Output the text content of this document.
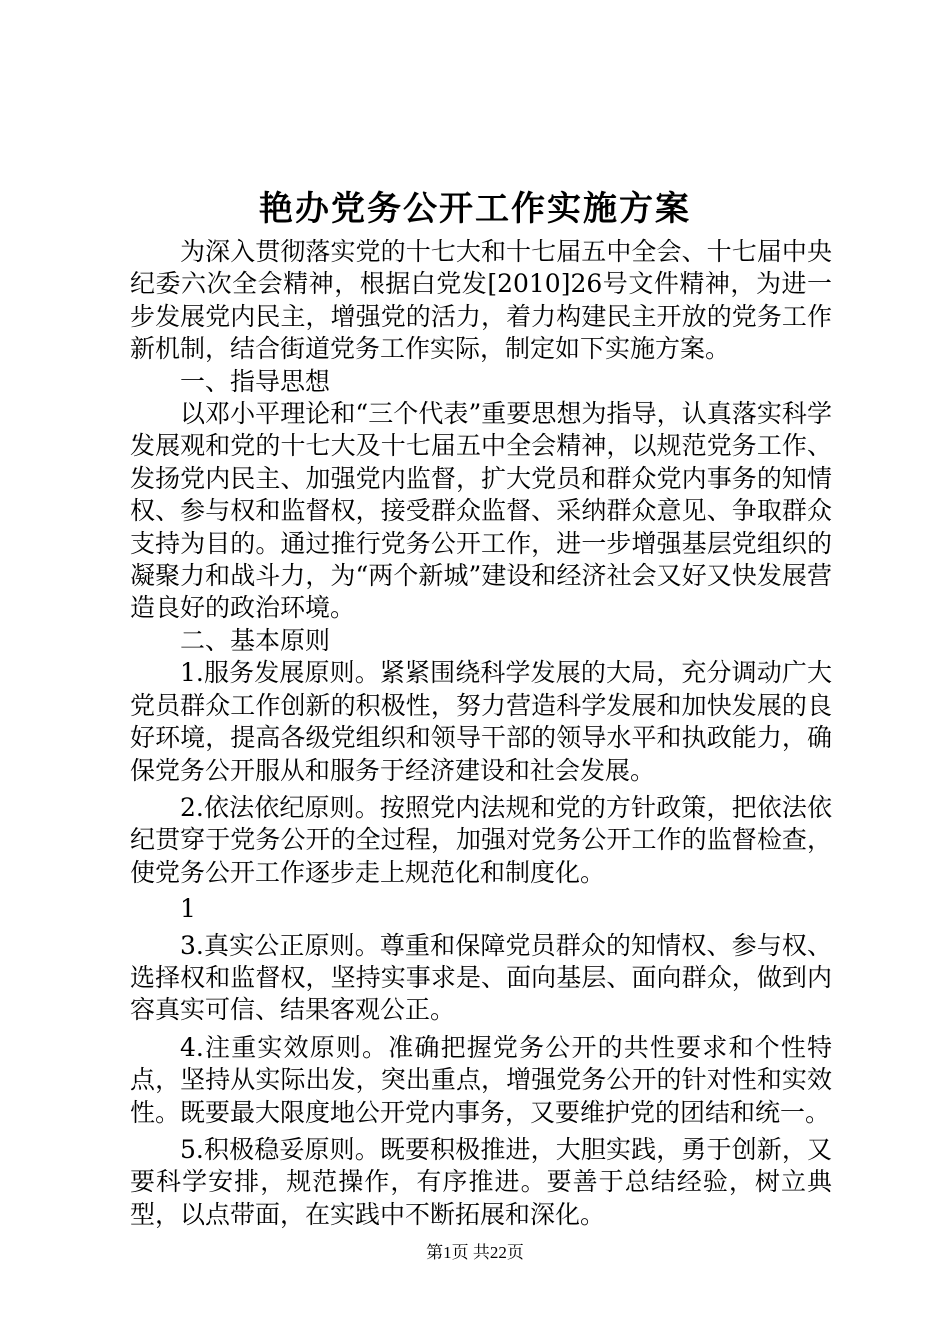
艳办党务公开工作实施方案

为深入贯彻落实党的十七大和十七届五中全会、十七届中央纪委六次全会精神，根据白党发[2010]26号文件精神，为进一步发展党内民主，增强党的活力，着力构建民主开放的党务工作新机制，结合街道党务工作实际，制定如下实施方案。

一、指导思想

以邓小平理论和“三个代表”重要思想为指导，认真落实科学发展观和党的十七大及十七届五中全会精神，以规范党务工作、发扬党内民主、加强党内监督，扩大党员和群众党内事务的知情权、参与权和监督权，接受群众监督、采纳群众意见、争取群众支持为目的。通过推行党务公开工作，进一步增强基层党组织的凝聚力和战斗力，为“两个新城”建设和经济社会又好又快发展营造良好的政治环境。

二、基本原则

1.服务发展原则。紧紧围绕科学发展的大局，充分调动广大党员群众工作创新的积极性，努力营造科学发展和加快发展的良好环境，提高各级党组织和领导干部的领导水平和执政能力，确保党务公开服从和服务于经济建设和社会发展。

2.依法依纪原则。按照党内法规和党的方针政策，把依法依纪贯穿于党务公开的全过程，加强对党务公开工作的监督检查，使党务公开工作逐步走上规范化和制度化。

1

3.真实公正原则。尊重和保障党员群众的知情权、参与权、选择权和监督权，坚持实事求是、面向基层、面向群众，做到内容真实可信、结果客观公正。

4.注重实效原则。准确把握党务公开的共性要求和个性特点，坚持从实际出发，突出重点，增强党务公开的针对性和实效性。既要最大限度地公开党内事务，又要维护党的团结和统一。

5.积极稳妥原则。既要积极推进，大胆实践，勇于创新，又要科学安排，规范操作，有序推进。要善于总结经验，树立典型，以点带面，在实践中不断拓展和深化。

第1页 共22页
